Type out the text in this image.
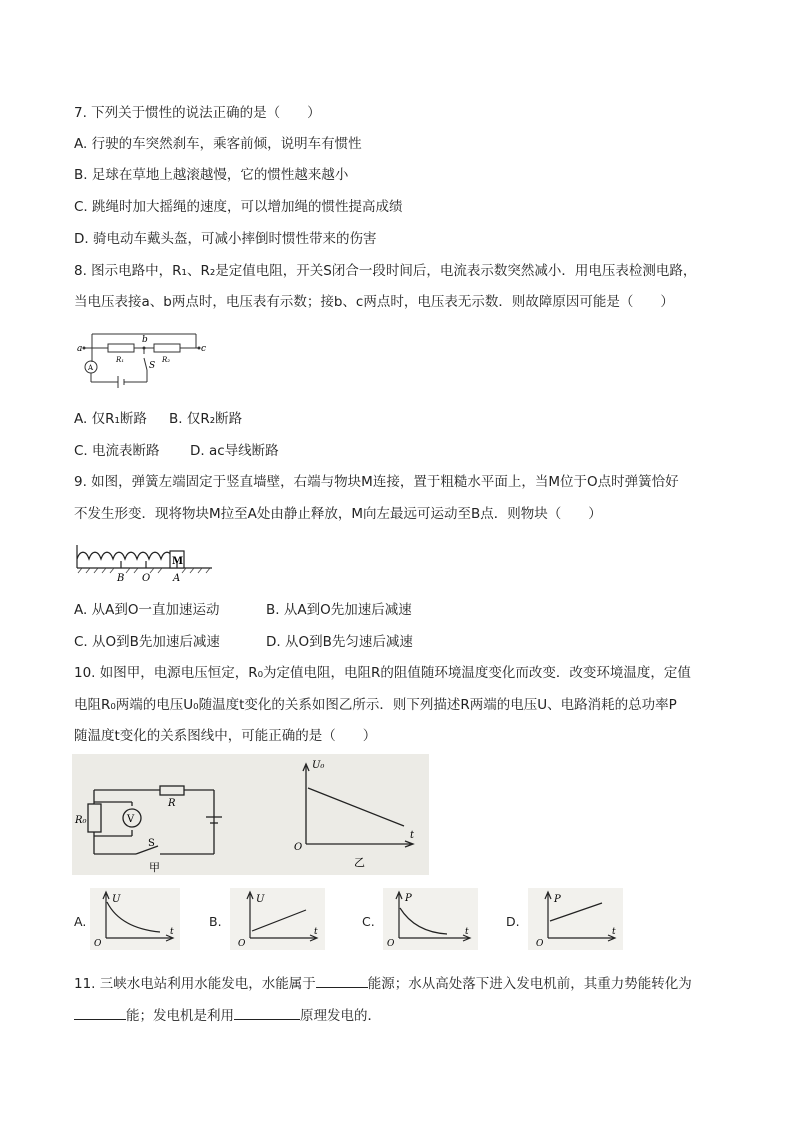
7. 下列关于惯性的说法正确的是（　　）
A. 行驶的车突然刹车，乘客前倾，说明车有惯性
B. 足球在草地上越滚越慢，它的惯性越来越小
C. 跳绳时加大摇绳的速度，可以增加绳的惯性提高成绩
D. 骑电动车戴头盔，可减小摔倒时惯性带来的伤害
8. 图示电路中，R₁、R₂是定值电阻，开关S闭合一段时间后，电流表示数突然减小．用电压表检测电路，
当电压表接a、b两点时，电压表有示数；接b、c两点时，电压表无示数．则故障原因可能是（　　）
a
b
c
R₁	R₂
S
A
A. 仅R₁断路 B. 仅R₂断路
C. 电流表断路 D. ac导线断路
9. 如图，弹簧左端固定于竖直墙壁，右端与物块M连接，置于粗糙水平面上，当M位于O点时弹簧恰好
不发生形变．现将物块M拉至A处由静止释放，M向左最远可运动至B点．则物块（　　）
M
B O A
A. 从A到O一直加速运动	B. 从A到O先加速后减速
C. 从O到B先加速后减速	D. 从O到B先匀速后减速
10. 如图甲，电源电压恒定，R₀为定值电阻，电阻R的阻值随环境温度变化而改变．改变环境温度，定值
电阻R₀两端的电压U₀随温度t变化的关系如图乙所示．则下列描述R两端的电压U、电路消耗的总功率P
随温度t变化的关系图线中，可能正确的是（　　）
R₀	V
R
S
甲
U₀
t
O
乙
A.
U
t
O
B.
U
t
O
C.
P
t
O
D.
P
t
O
11. 三峡水电站利用水能发电，水能属于	能源；水从高处落下进入发电机前，其重力势能转化为
能；发电机是利用	原理发电的．
